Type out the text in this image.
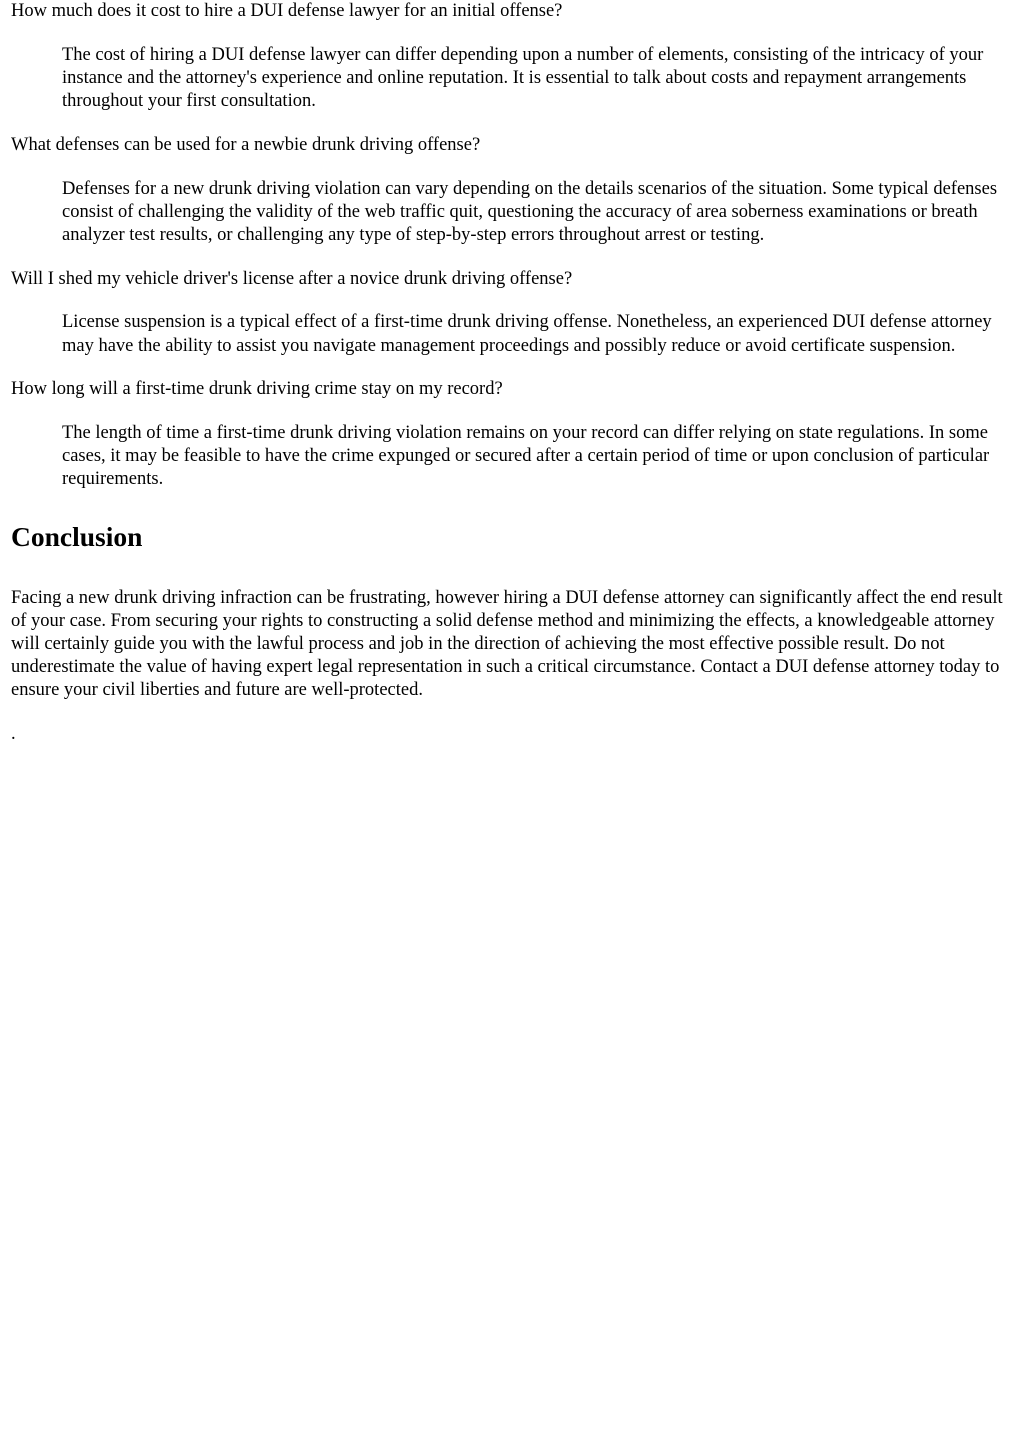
How much does it cost to hire a DUI defense lawyer for an initial offense?
The cost of hiring a DUI defense lawyer can differ depending upon a number of elements, consisting of the intricacy of your instance and the attorney's experience and online reputation. It is essential to talk about costs and repayment arrangements throughout your first consultation.
What defenses can be used for a newbie drunk driving offense?
Defenses for a new drunk driving violation can vary depending on the details scenarios of the situation. Some typical defenses consist of challenging the validity of the web traffic quit, questioning the accuracy of area soberness examinations or breath analyzer test results, or challenging any type of step-by-step errors throughout arrest or testing.
Will I shed my vehicle driver's license after a novice drunk driving offense?
License suspension is a typical effect of a first-time drunk driving offense. Nonetheless, an experienced DUI defense attorney may have the ability to assist you navigate management proceedings and possibly reduce or avoid certificate suspension.
How long will a first-time drunk driving crime stay on my record?
The length of time a first-time drunk driving violation remains on your record can differ relying on state regulations. In some cases, it may be feasible to have the crime expunged or secured after a certain period of time or upon conclusion of particular requirements.
Conclusion

Facing a new drunk driving infraction can be frustrating, however hiring a DUI defense attorney can significantly affect the end result of your case. From securing your rights to constructing a solid defense method and minimizing the effects, a knowledgeable attorney will certainly guide you with the lawful process and job in the direction of achieving the most effective possible result. Do not underestimate the value of having expert legal representation in such a critical circumstance. Contact a DUI defense attorney today to ensure your civil liberties and future are well-protected.

.
